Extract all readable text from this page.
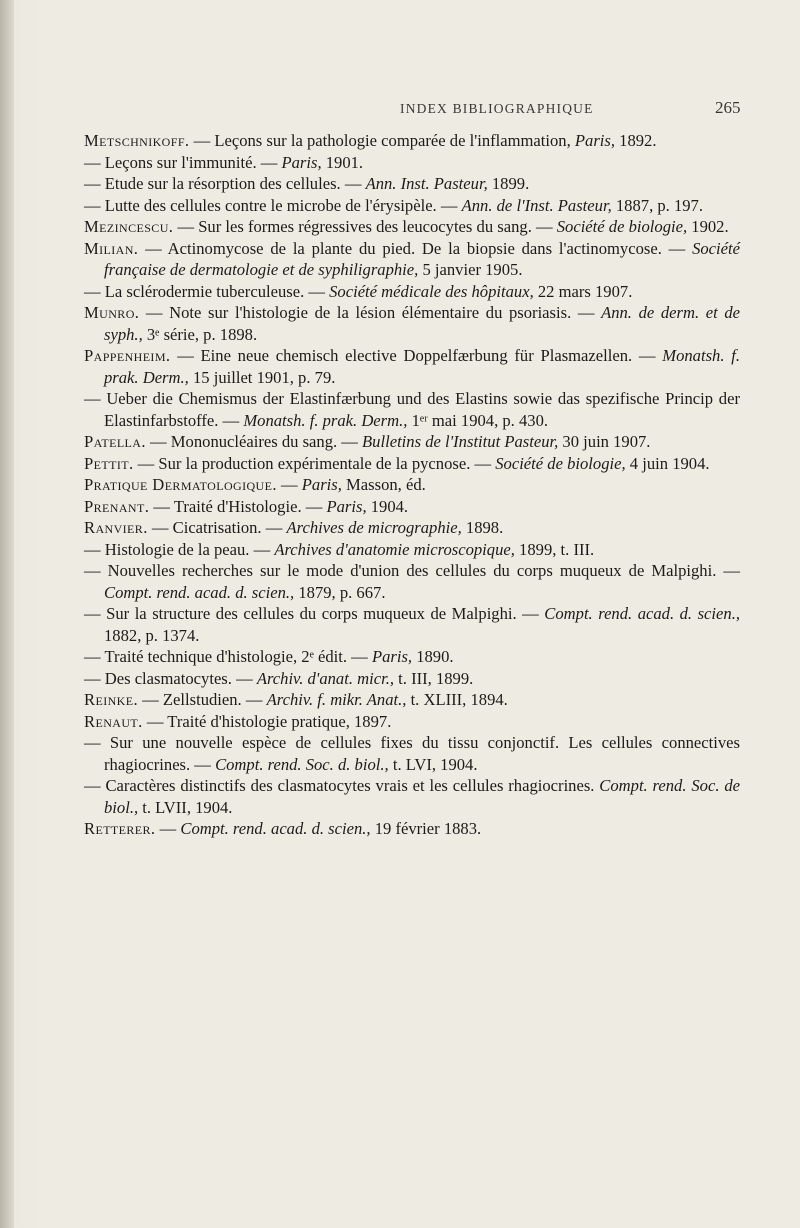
INDEX BIBLIOGRAPHIQUE	265
Metschnikoff. — Leçons sur la pathologie comparée de l'inflammation, Paris, 1892.
— Leçons sur l'immunité. — Paris, 1901.
— Etude sur la résorption des cellules. — Ann. Inst. Pasteur, 1899.
— Lutte des cellules contre le microbe de l'érysipèle. — Ann. de l'Inst. Pasteur, 1887, p. 197.
Mezincescu. — Sur les formes régressives des leucocytes du sang. — Société de biologie, 1902.
Milian. — Actinomycose de la plante du pied. De la biopsie dans l'actinomycose. — Société française de dermatologie et de syphiligraphie, 5 janvier 1905.
— La sclérodermie tuberculeuse. — Société médicale des hôpitaux, 22 mars 1907.
Munro. — Note sur l'histologie de la lésion élémentaire du psoriasis. — Ann. de derm. et de syph., 3ᵉ série, p. 1898.
Pappenheim. — Eine neue chemisch elective Doppelfærbung für Plasmazellen. — Monatsh. f. prak. Derm., 15 juillet 1901, p. 79.
— Ueber die Chemismus der Elastinfærbung und des Elastins sowie das spezifische Princip der Elastinfarbstoffe. — Monatsh. f. prak. Derm., 1ᵉʳ mai 1904, p. 430.
Patella. — Mononucléaires du sang. — Bulletins de l'Institut Pasteur, 30 juin 1907.
Pettit. — Sur la production expérimentale de la pycnose. — Société de biologie, 4 juin 1904.
Pratique Dermatologique. — Paris, Masson, éd.
Prenant. — Traité d'Histologie. — Paris, 1904.
Ranvier. — Cicatrisation. — Archives de micrographie, 1898.
— Histologie de la peau. — Archives d'anatomie microscopique, 1899, t. III.
— Nouvelles recherches sur le mode d'union des cellules du corps muqueux de Malpighi. — Compt. rend. acad. d. scien., 1879, p. 667.
— Sur la structure des cellules du corps muqueux de Malpighi. — Compt. rend. acad. d. scien., 1882, p. 1374.
— Traité technique d'histologie, 2ᵉ édit. — Paris, 1890.
— Des clasmatocytes. — Archiv. d'anat. micr., t. III, 1899.
Reinke. — Zellstudien. — Archiv. f. mikr. Anat., t. XLIII, 1894.
Renaut. — Traité d'histologie pratique, 1897.
— Sur une nouvelle espèce de cellules fixes du tissu conjonctif. Les cellules connectives rhagiocrines. — Compt. rend. Soc. d. biol., t. LVI, 1904.
— Caractères distinctifs des clasmatocytes vrais et les cellules rhagiocrines. Compt. rend. Soc. de biol., t. LVII, 1904.
Retterer. — Compt. rend. acad. d. scien., 19 février 1883.
